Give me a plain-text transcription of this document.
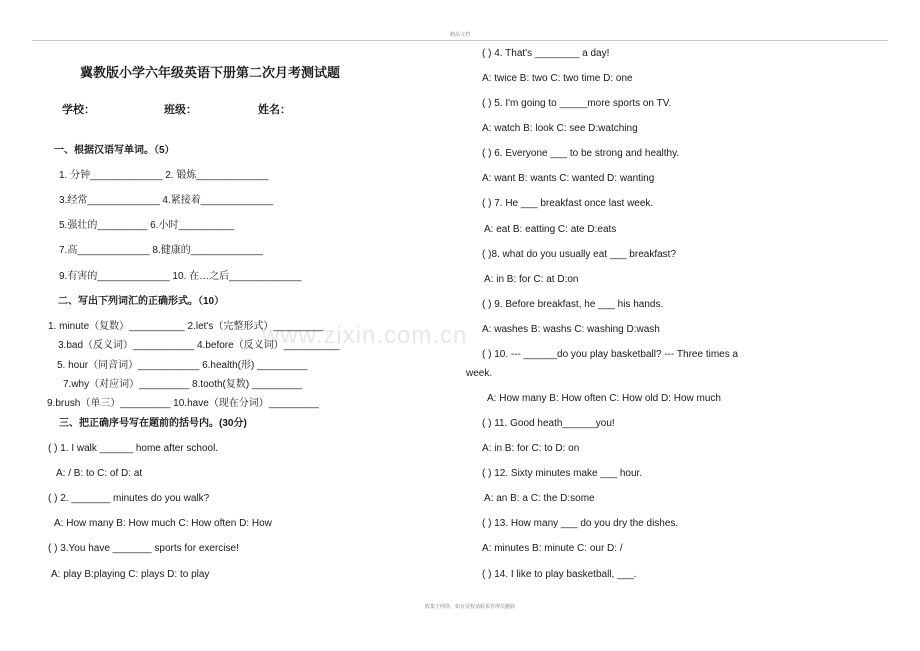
精品文档
www.zixin.com.cn
冀教版小学六年级英语下册第二次月考测试题
学校：	班级：	姓名：
一、根据汉语写单词。（5）
1. 分钟_____________ 2. 锻炼_____________
3.经常_____________ 4.紧接着_____________
5.强壮的_________ 6.小时__________
7.高_____________ 8.健康的_____________
9.有害的_____________ 10. 在…之后_____________
二、写出下列词汇的正确形式。（10）
1. minute（复数）__________ 2.let's（完整形式）_________
3.bad（反义词）___________ 4.before（反义词）__________
5. hour（同音词）___________ 6.health(形) _________
7.why（对应词）_________ 8.tooth(复数) _________
9.brush（单三）_________ 10.have（现在分词）_________
三、把正确序号写在题前的括号内。(30分)
( ) 1. I walk ______ home after school.
A: / B: to C: of D: at
( ) 2. _______ minutes do you walk?
A: How many B: How much C: How often D: How
( ) 3.You have _______ sports for exercise!
A: play B:playing C: plays D: to play
( ) 4. That's ________ a day!
A: twice B: two C: two time D: one
( ) 5. I'm going to _____more sports on TV.
A: watch B: look C: see D:watching
( ) 6. Everyone ___ to be strong and healthy.
A: want B: wants C: wanted D: wanting
( ) 7. He ___ breakfast once last week.
A: eat B: eatting C: ate D:eats
( )8. what do you usually eat ___ breakfast?
A: in B: for C: at D:on
( ) 9. Before breakfast, he ___ his hands.
A: washes B: washs C: washing D:wash
( ) 10. --- ______do you play basketball? --- Three times a
week.
A: How many B: How often C: How old D: How much
( ) 11. Good heath______you!
A: in B: for C: to D: on
( ) 12. Sixty minutes make ___ hour.
A: an B: a C: the D:some
( ) 13. How many ___ do you dry the dishes.
A: minutes B: minute C: our D: /
( ) 14. I like to play basketball, ___.
收集于网络，如有侵权请联系管理员删除
